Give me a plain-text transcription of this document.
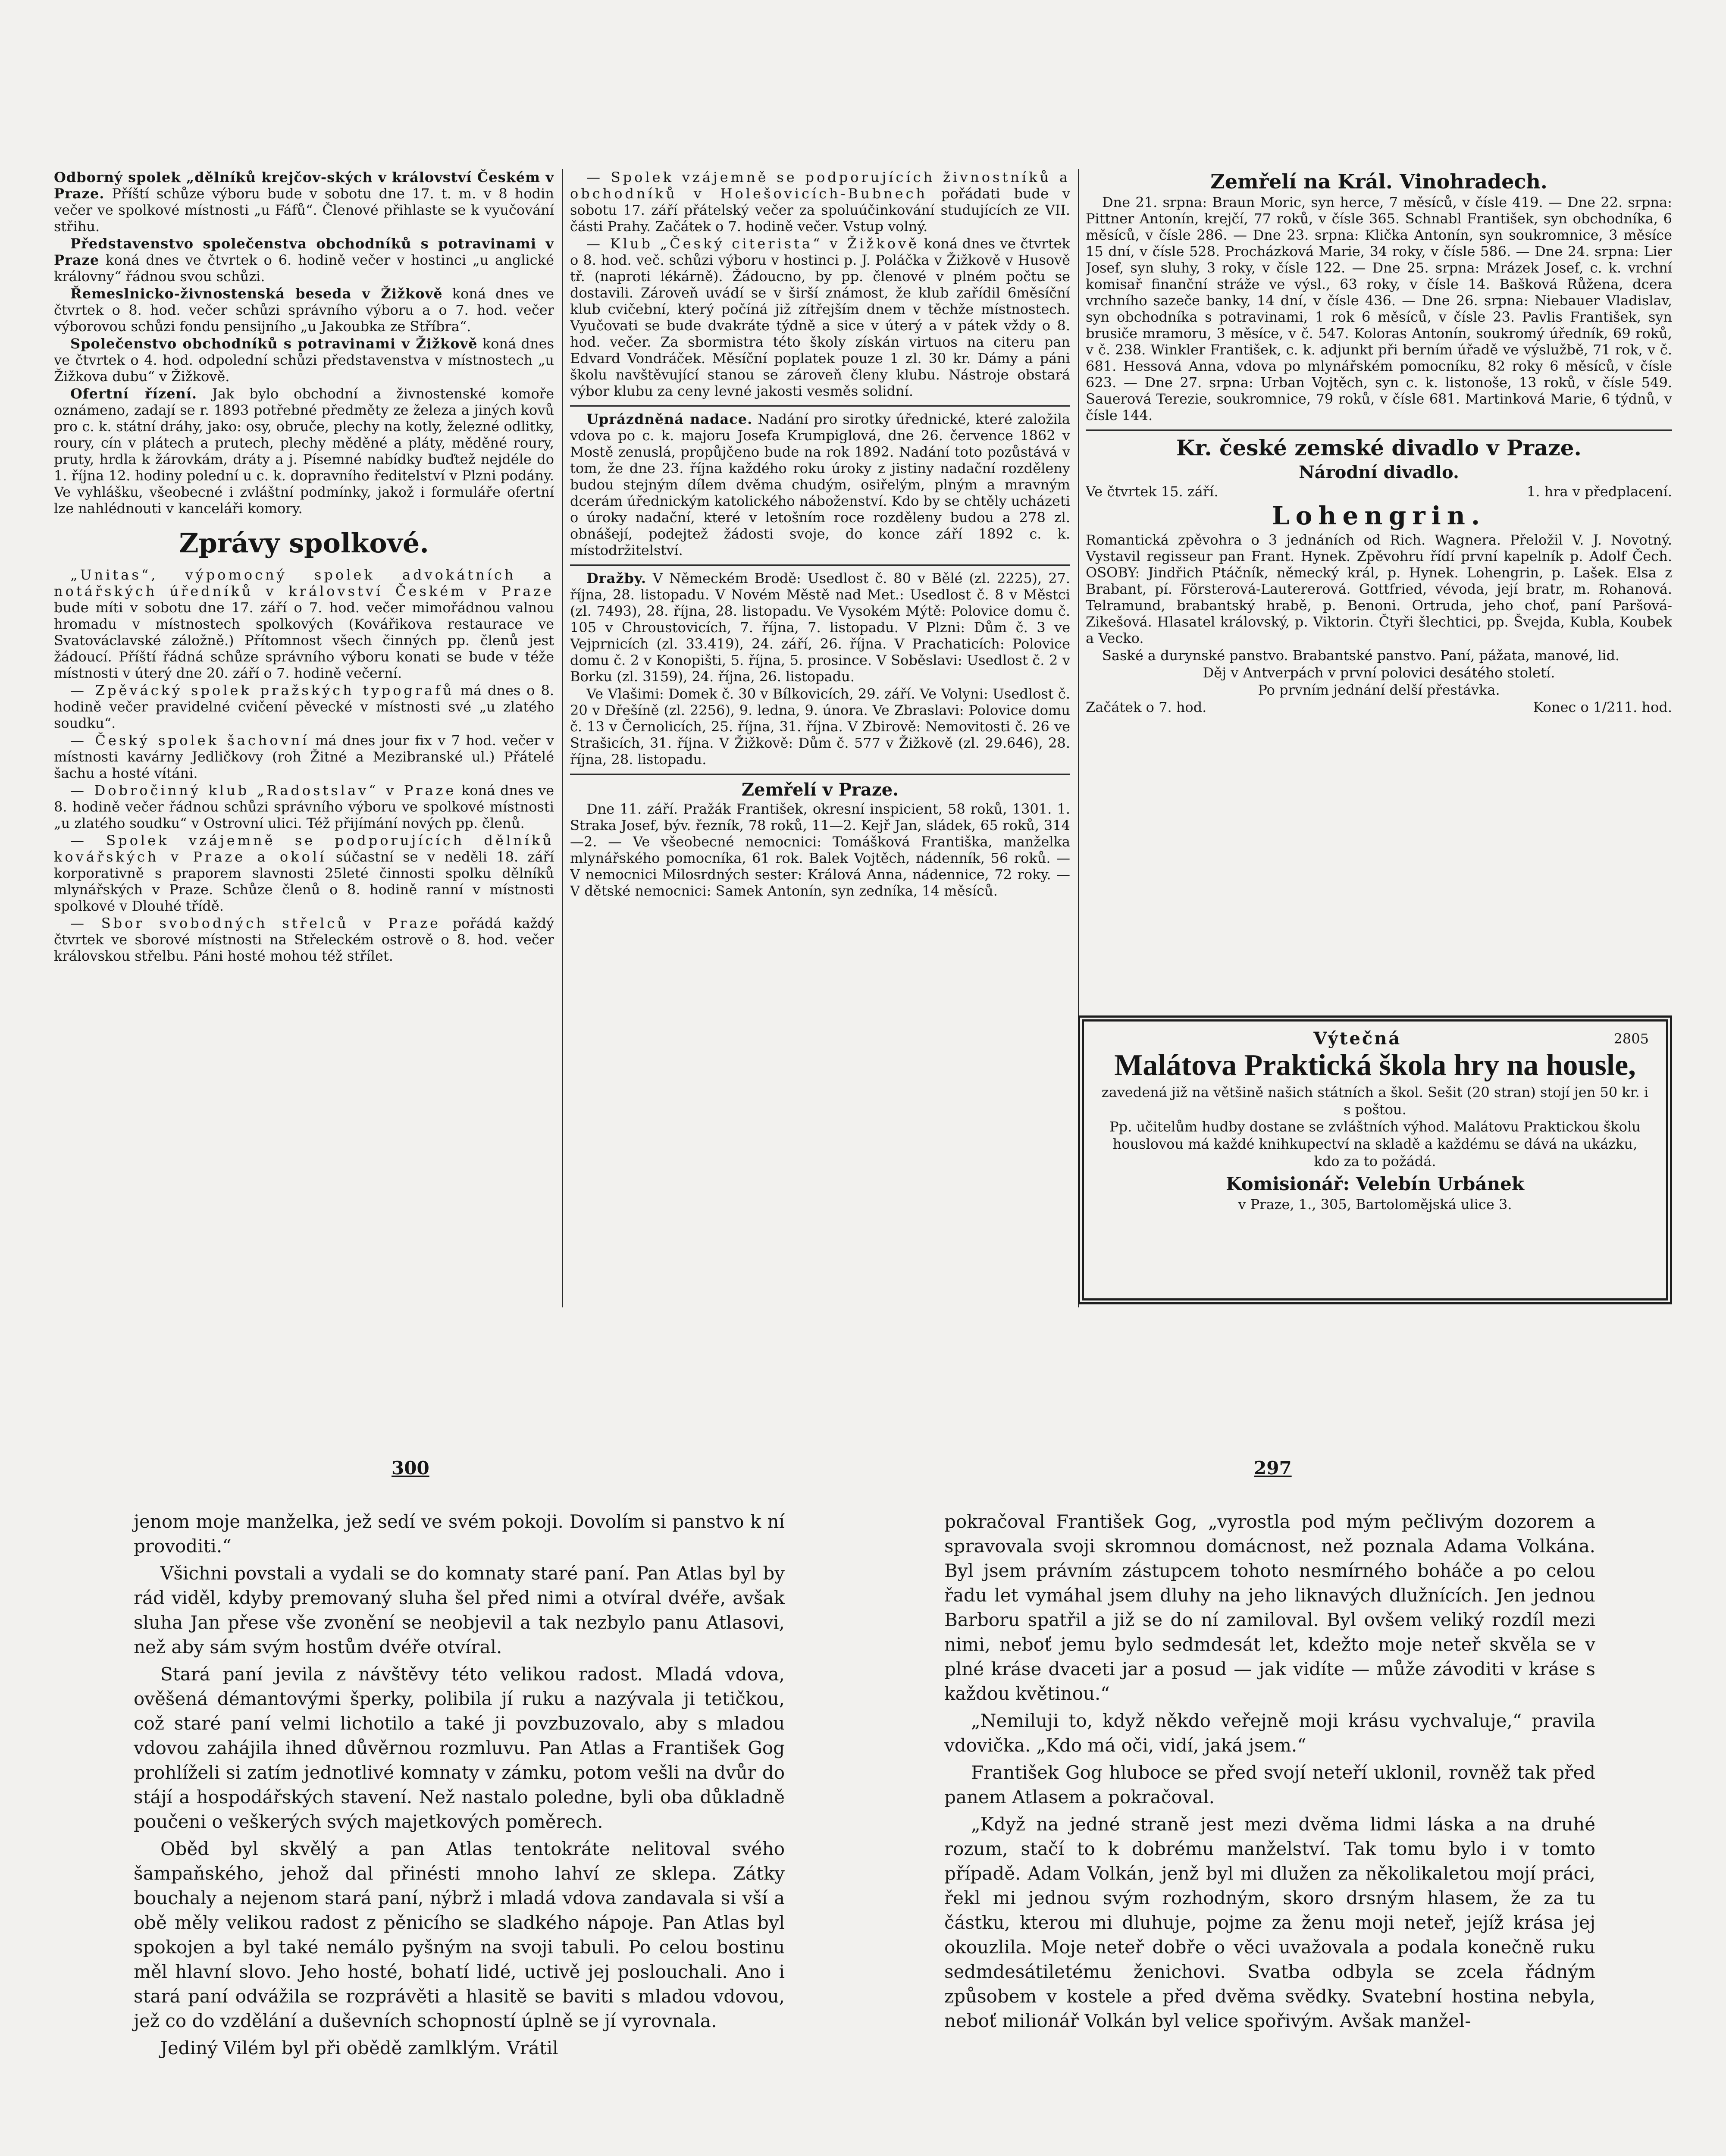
Odborný spolek „dělníků krejčov-ských v království Českém v Praze. Příští schůze výboru bude v sobotu dne 17. t. m. v 8 hodin večer ve spolkové místnosti „u Fáfů“. Členové přihlaste se k vyučování střihu.

Představenstvo společenstva obchodníků s potravinami v Praze koná dnes ve čtvrtek o 6. hodině večer v hostinci „u anglické královny“ řádnou svou schůzi.

Řemeslnicko-živnostenská beseda v Žižkově koná dnes ve čtvrtek o 8. hod. večer schůzi správního výboru a o 7. hod. večer výborovou schůzi fondu pensijního „u Jakoubka ze Stříbra“.

Společenstvo obchodníků s potravinami v Žižkově koná dnes ve čtvrtek o 4. hod. odpolední schůzi představenstva v místnostech „u Žižkova dubu“ v Žižkově.

Ofertní řízení. Jak bylo obchodní a živnostenské komoře oznámeno, zadají se r. 1893 potřebné předměty ze železa a jiných kovů pro c. k. státní dráhy, jako: osy, obruče, plechy na kotly, železné odlitky, roury, cín v plátech a prutech, plechy měděné a pláty, měděné roury, pruty, hrdla k žárovkám, dráty a j. Písemné nabídky buďtež nejdéle do 1. října 12. hodiny polední u c. k. dopravního ředitelství v Plzni podány. Ve vyhlášku, všeobecné i zvláštní podmínky, jakož i formuláře ofertní lze nahlédnouti v kanceláři komory.

Zprávy spolkové.

„Unitas“, výpomocný spolek advokátních a notářských úředníků v království Českém v Praze bude míti v sobotu dne 17. září o 7. hod. večer mimořádnou valnou hromadu v místnostech spolkových (Kovářikova restaurace ve Svatováclavské záložně.) Přítomnost všech činných pp. členů jest žádoucí. Příští řádná schůze správního výboru konati se bude v téže místnosti v úterý dne 20. září o 7. hodině večerní.

— Zpěvácký spolek pražských typografů má dnes o 8. hodině večer pravidelné cvičení pěvecké v místnosti své „u zlatého soudku“.

— Český spolek šachovní má dnes jour fix v 7 hod. večer v místnosti kavárny Jedličkovy (roh Žitné a Mezibranské ul.) Přátelé šachu a hosté vítáni.

— Dobročinný klub „Radostslav“ v Praze koná dnes ve 8. hodině večer řádnou schůzi správního výboru ve spolkové místnosti „u zlatého soudku“ v Ostrovní ulici. Též přijímání nových pp. členů.

— Spolek vzájemně se podporujících dělníků kovářských v Praze a okolí súčastní se v neděli 18. září korporativně s praporem slavnosti 25leté činnosti spolku dělníků mlynářských v Praze. Schůze členů o 8. hodině ranní v místnosti spolkové v Dlouhé třídě.

— Sbor svobodných střelců v Praze pořádá každý čtvrtek ve sborové místnosti na Střeleckém ostrově o 8. hod. večer královskou střelbu. Páni hosté mohou též střílet.

— Spolek vzájemně se podporujících živnostníků a obchodníků v Holešovicích-Bubnech pořádati bude v sobotu 17. září přátelský večer za spoluúčinkování studujících ze VII. části Prahy. Začátek o 7. hodině večer. Vstup volný.

— Klub „Český citerista“ v Žižkově koná dnes ve čtvrtek o 8. hod. več. schůzi výboru v hostinci p. J. Poláčka v Žižkově v Husově tř. (naproti lékárně). Žádoucno, by pp. členové v plném počtu se dostavili. Zároveň uvádí se v širší známost, že klub zařídil 6měsíční klub cvičební, který počíná již zítřejším dnem v těchže místnostech. Vyučovati se bude dvakráte týdně a sice v úterý a v pátek vždy o 8. hod. večer. Za sbormistra této školy získán virtuos na citeru pan Edvard Vondráček. Měsíční poplatek pouze 1 zl. 30 kr. Dámy a páni školu navštěvující stanou se zároveň členy klubu. Nástroje obstará výbor klubu za ceny levné jakosti vesměs solidní.

Uprázdněná nadace. Nadání pro sirotky úřednické, které založila vdova po c. k. majoru Josefa Krumpiglová, dne 26. července 1862 v Mostě zenuslá, propůjčeno bude na rok 1892. Nadání toto pozůstává v tom, že dne 23. října každého roku úroky z jistiny nadační rozděleny budou stejným dílem dvěma chudým, osiřelým, plným a mravným dcerám úřednickým katolického náboženství. Kdo by se chtěly ucházeti o úroky nadační, které v letošním roce rozděleny budou a 278 zl. obnášejí, podejtež žádosti svoje, do konce září 1892 c. k. místodržitelství.

Dražby. V Německém Brodě: Usedlost č. 80 v Bělé (zl. 2225), 27. října, 28. listopadu. V Novém Městě nad Met.: Usedlost č. 8 v Městci (zl. 7493), 28. října, 28. listopadu. Ve Vysokém Mýtě: Polovice domu č. 105 v Chroustovicích, 7. října, 7. listopadu. V Plzni: Dům č. 3 ve Vejprnicích (zl. 33.419), 24. září, 26. října. V Prachaticích: Polovice domu č. 2 v Konopišti, 5. října, 5. prosince. V Soběslavi: Usedlost č. 2 v Borku (zl. 3159), 24. října, 26. listopadu.

Ve Vlašimi: Domek č. 30 v Bílkovicích, 29. září. Ve Volyni: Usedlost č. 20 v Dřešíně (zl. 2256), 9. ledna, 9. února. Ve Zbraslavi: Polovice domu č. 13 v Černolicích, 25. října, 31. října. V Zbirově: Nemovitosti č. 26 ve Strašicích, 31. října. V Žižkově: Dům č. 577 v Žižkově (zl. 29.646), 28. října, 28. listopadu.

Zemřelí v Praze.

Dne 11. září. Pražák František, okresní inspicient, 58 roků, 1301. 1. Straka Josef, býv. řezník, 78 roků, 11—2. Kejř Jan, sládek, 65 roků, 314—2. — Ve všeobecné nemocnici: Tomášková Františka, manželka mlynářského pomocníka, 61 rok. Balek Vojtěch, nádenník, 56 roků. — V nemocnici Milosrdných sester: Králová Anna, nádennice, 72 roky. — V dětské nemocnici: Samek Antonín, syn zedníka, 14 měsíců.

Zemřelí na Král. Vinohradech.

Dne 21. srpna: Braun Moric, syn herce, 7 měsíců, v čísle 419. — Dne 22. srpna: Pittner Antonín, krejčí, 77 roků, v čísle 365. Schnabl František, syn obchodníka, 6 měsíců, v čísle 286. — Dne 23. srpna: Klička Antonín, syn soukromnice, 3 měsíce 15 dní, v čísle 528. Procházková Marie, 34 roky, v čísle 586. — Dne 24. srpna: Lier Josef, syn sluhy, 3 roky, v čísle 122. — Dne 25. srpna: Mrázek Josef, c. k. vrchní komisař finanční stráže ve výsl., 63 roky, v čísle 14. Bašková Růžena, dcera vrchního sazeče banky, 14 dní, v čísle 436. — Dne 26. srpna: Niebauer Vladislav, syn obchodníka s potravinami, 1 rok 6 měsíců, v čísle 23. Pavlis František, syn brusiče mramoru, 3 měsíce, v č. 547. Koloras Antonín, soukromý úředník, 69 roků, v č. 238. Winkler František, c. k. adjunkt při berním úřadě ve výslužbě, 71 rok, v č. 681. Hessová Anna, vdova po mlynářském pomocníku, 82 roky 6 měsíců, v čísle 623. — Dne 27. srpna: Urban Vojtěch, syn c. k. listonoše, 13 roků, v čísle 549. Sauerová Terezie, soukromnice, 79 roků, v čísle 681. Martinková Marie, 6 týdnů, v čísle 144.

Kr. české zemské divadlo v Praze.
Národní divadlo.
Ve čtvrtek 15. září.	1. hra v předplacení.
Lohengrin.

Romantická zpěvohra o 3 jednáních od Rich. Wagnera. Přeložil V. J. Novotný. Vystavil regisseur pan Frant. Hynek. Zpěvohru řídí první kapelník p. Adolf Čech. OSOBY: Jindřich Ptáčník, německý král, p. Hynek. Lohengrin, p. Lašek. Elsa z Brabant, pí. Försterová-Lautererová. Gottfried, vévoda, její bratr, m. Rohanová. Telramund, brabantský hrabě, p. Benoni. Ortruda, jeho choť, paní Paršová-Zikešová. Hlasatel královský, p. Viktorin. Čtyři šlechtici, pp. Švejda, Kubla, Koubek a Vecko.

Saské a durynské panstvo. Brabantské panstvo. Paní, pážata, manové, lid.

Děj v Antverpách v první polovici desátého století.

Po prvním jednání delší přestávka.

Začátek o 7. hod.	Konec o 1/211. hod.
Výtečná	2805
Malátova Praktická škola hry na housle,
zavedená již na většině našich státních a škol. Sešit (20 stran) stojí jen 50 kr. i s poštou.
Pp. učitelům hudby dostane se zvláštních výhod. Malátovu Praktickou školu houslovou má každé knihkupectví na skladě a každému se dává na ukázku, kdo za to požádá.
Komisionář: Velebín Urbánek
v Praze, 1., 305, Bartolomějská ulice 3.
300	297

jenom moje manželka, jež sedí ve svém pokoji. Dovolím si panstvo k ní provoditi.“

Všichni povstali a vydali se do komnaty staré paní. Pan Atlas byl by rád viděl, kdyby premovaný sluha šel před nimi a otvíral dvéře, avšak sluha Jan přese vše zvonění se neobjevil a tak nezbylo panu Atlasovi, než aby sám svým hostům dvéře otvíral.

Stará paní jevila z návštěvy této velikou radost. Mladá vdova, ověšená démantovými šperky, polibila jí ruku a nazývala ji tetičkou, což staré paní velmi lichotilo a také ji povzbuzovalo, aby s mladou vdovou zahájila ihned důvěrnou rozmluvu. Pan Atlas a František Gog prohlíželi si zatím jednotlivé komnaty v zámku, potom vešli na dvůr do stájí a hospodářských stavení. Než nastalo poledne, byli oba důkladně poučeni o veškerých svých majetkových poměrech.

Oběd byl skvělý a pan Atlas tentokráte nelitoval svého šampaňského, jehož dal přinésti mnoho lahví ze sklepa. Zátky bouchaly a nejenom stará paní, nýbrž i mladá vdova zandavala si vší a obě měly velikou radost z pěnicího se sladkého nápoje. Pan Atlas byl spokojen a byl také nemálo pyšným na svoji tabuli. Po celou bostinu měl hlavní slovo. Jeho hosté, bohatí lidé, uctivě jej poslouchali. Ano i stará paní odvážila se rozprávěti a hlasitě se baviti s mladou vdovou, jež co do vzdělání a duševních schopností úplně se jí vyrovnala.

Jediný Vilém byl při obědě zamlklým. Vrátil

pokračoval František Gog, „vyrostla pod mým pečlivým dozorem a spravovala svoji skromnou domácnost, než poznala Adama Volkána. Byl jsem právním zástupcem tohoto nesmírného boháče a po celou řadu let vymáhal jsem dluhy na jeho liknavých dlužnících. Jen jednou Barboru spatřil a již se do ní zamiloval. Byl ovšem veliký rozdíl mezi nimi, neboť jemu bylo sedmdesát let, kdežto moje neteř skvěla se v plné kráse dvaceti jar a posud — jak vidíte — může závoditi v kráse s každou květinou.“

„Nemiluji to, když někdo veřejně moji krásu vychvaluje,“ pravila vdovička. „Kdo má oči, vidí, jaká jsem.“

František Gog hluboce se před svojí neteří uklonil, rovněž tak před panem Atlasem a pokračoval.

„Když na jedné straně jest mezi dvěma lidmi láska a na druhé rozum, stačí to k dobrému manželství. Tak tomu bylo i v tomto případě. Adam Volkán, jenž byl mi dlužen za několikaletou mojí práci, řekl mi jednou svým rozhodným, skoro drsným hlasem, že za tu částku, kterou mi dluhuje, pojme za ženu moji neteř, jejíž krása jej okouzlila. Moje neteř dobře o věci uvažovala a podala konečně ruku sedmdesátiletému ženichovi. Svatba odbyla se zcela řádným způsobem v kostele a před dvěma svědky. Svatební hostina nebyla, neboť milionář Volkán byl velice spořivým. Avšak manžel-
